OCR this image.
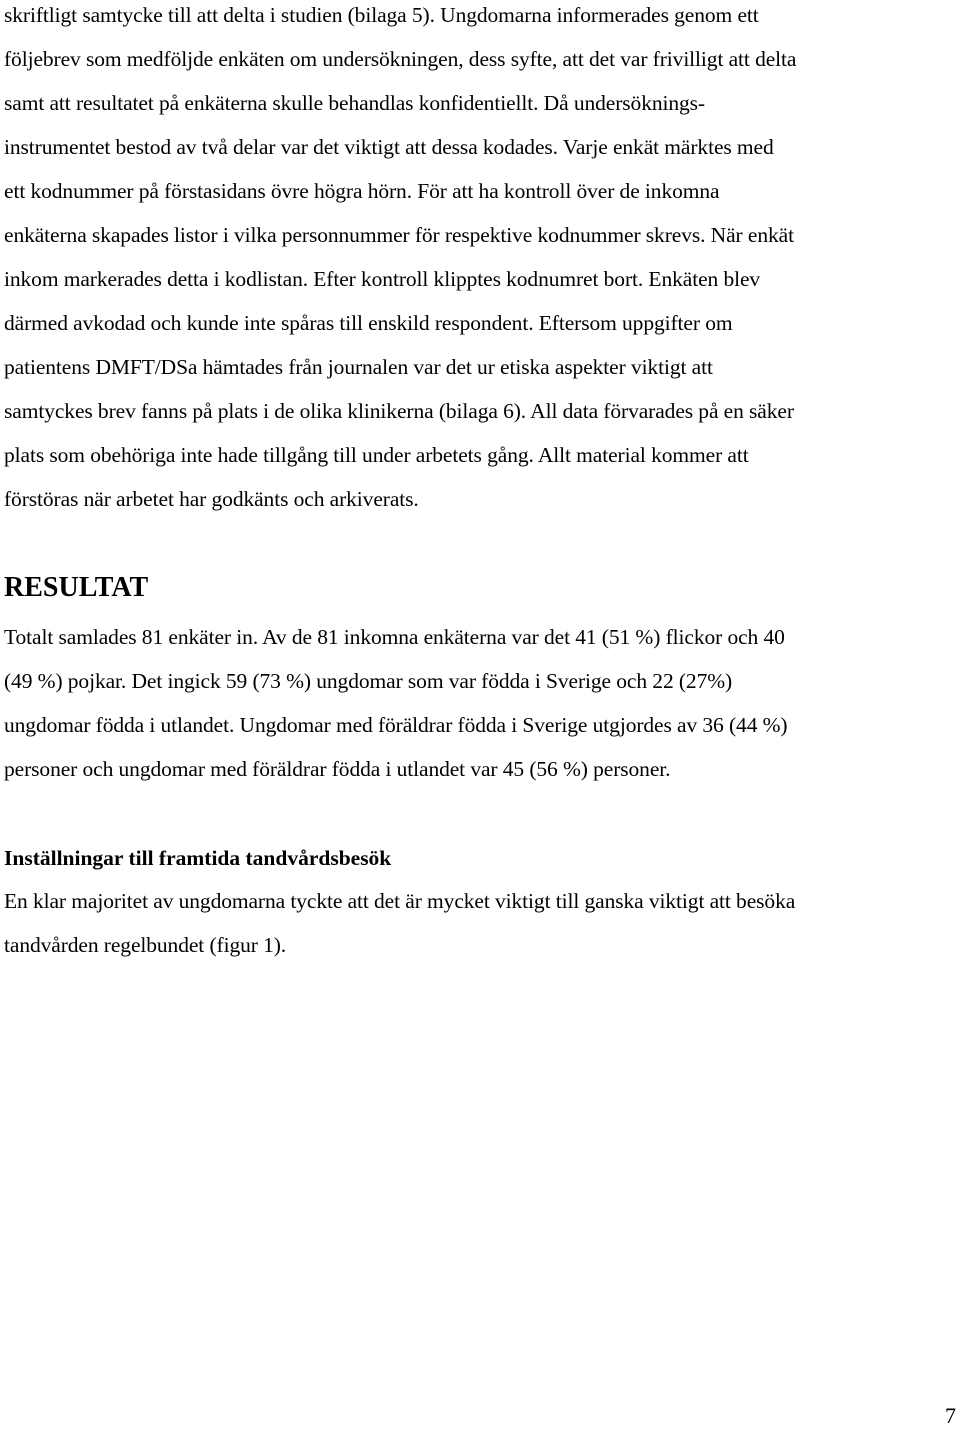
skriftligt samtycke till att delta i studien (bilaga 5). Ungdomarna informerades genom ett
följebrev som medföljde enkäten om undersökningen, dess syfte, att det var frivilligt att delta
samt att resultatet på enkäterna skulle behandlas konfidentiellt. Då undersöknings-
instrumentet bestod av två delar var det viktigt att dessa kodades. Varje enkät märktes med
ett kodnummer på förstasidans övre högra hörn. För att ha kontroll över de inkomna
enkäterna skapades listor i vilka personnummer för respektive kodnummer skrevs. När enkät
inkom markerades detta i kodlistan. Efter kontroll klipptes kodnumret bort. Enkäten blev
därmed avkodad och kunde inte spåras till enskild respondent. Eftersom uppgifter om
patientens DMFT/DSa hämtades från journalen var det ur etiska aspekter viktigt att
samtyckes brev fanns på plats i de olika klinikerna (bilaga 6). All data förvarades på en säker
plats som obehöriga inte hade tillgång till under arbetets gång. Allt material kommer att
förstöras när arbetet har godkänts och arkiverats.

RESULTAT

Totalt samlades 81 enkäter in. Av de 81 inkomna enkäterna var det 41 (51 %) flickor och 40
(49 %) pojkar. Det ingick 59 (73 %) ungdomar som var födda i Sverige och 22 (27%)
ungdomar födda i utlandet. Ungdomar med föräldrar födda i Sverige utgjordes av 36 (44 %)
personer och ungdomar med föräldrar födda i utlandet var 45 (56 %) personer.

Inställningar till framtida tandvårdsbesök

En klar majoritet av ungdomarna tyckte att det är mycket viktigt till ganska viktigt att besöka
tandvården regelbundet (figur 1).

7
